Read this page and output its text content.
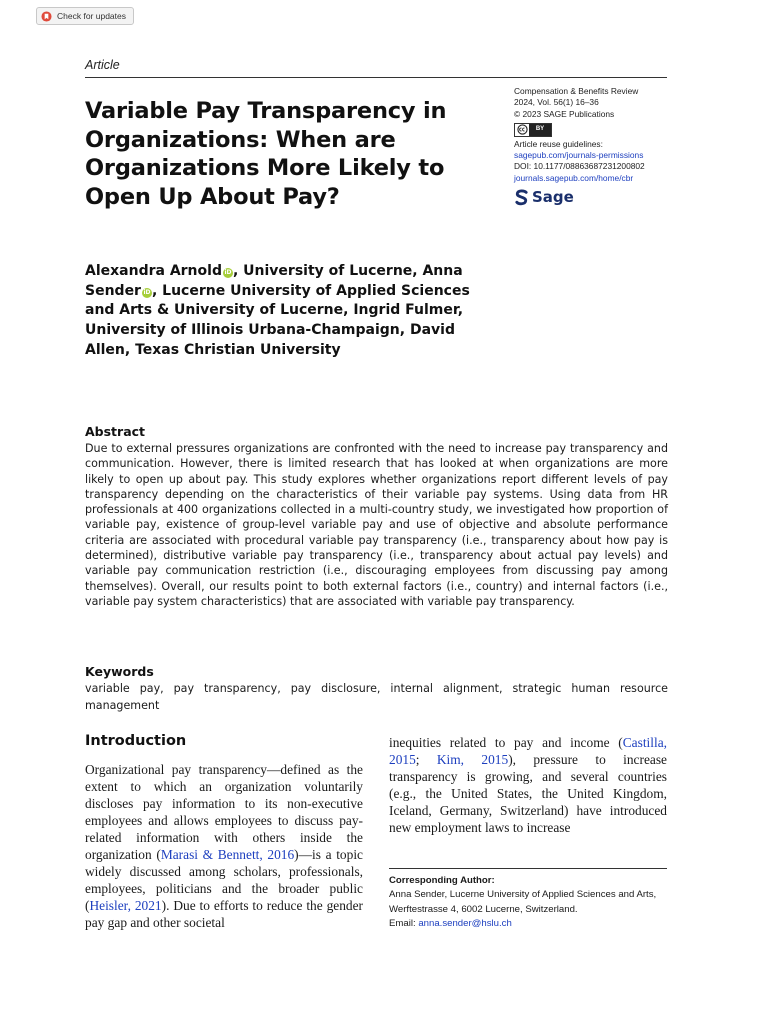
Check for updates
Article
Variable Pay Transparency in Organizations: When are Organizations More Likely to Open Up About Pay?
Compensation & Benefits Review
2024, Vol. 56(1) 16–36
© 2023 SAGE Publications
BY
Article reuse guidelines:
sagepub.com/journals-permissions
DOI: 10.1177/08863687231200802
journals.sagepub.com/home/cbr
Sage
Alexandra Arnold iD, University of Lucerne, Anna Sender iD, Lucerne University of Applied Sciences and Arts & University of Lucerne, Ingrid Fulmer, University of Illinois Urbana-Champaign, David Allen, Texas Christian University
Abstract
Due to external pressures organizations are confronted with the need to increase pay transparency and communication. However, there is limited research that has looked at when organizations are more likely to open up about pay. This study explores whether organizations report different levels of pay transparency depending on the characteristics of their variable pay systems. Using data from HR professionals at 400 organizations collected in a multi-country study, we investigated how proportion of variable pay, existence of group-level variable pay and use of objective and absolute performance criteria are associated with procedural variable pay transparency (i.e., transparency about how pay is determined), distributive variable pay transparency (i.e., transparency about actual pay levels) and variable pay communication restriction (i.e., discouraging employees from discussing pay among themselves). Overall, our results point to both external factors (i.e., country) and internal factors (i.e., variable pay system characteristics) that are associated with variable pay transparency.
Keywords
variable pay, pay transparency, pay disclosure, internal alignment, strategic human resource management
Introduction
Organizational pay transparency—defined as the extent to which an organization voluntarily discloses pay information to its non-executive employees and allows employees to discuss pay-related information with others inside the organization (Marasi & Bennett, 2016)—is a topic widely discussed among scholars, professionals, employees, politicians and the broader public (Heisler, 2021). Due to efforts to reduce the gender pay gap and other societal
inequities related to pay and income (Castilla, 2015; Kim, 2015), pressure to increase transparency is growing, and several countries (e.g., the United States, the United Kingdom, Iceland, Germany, Switzerland) have introduced new employment laws to increase
Corresponding Author:
Anna Sender, Lucerne University of Applied Sciences and Arts, Werftestrasse 4, 6002 Lucerne, Switzerland.
Email: anna.sender@hslu.ch
